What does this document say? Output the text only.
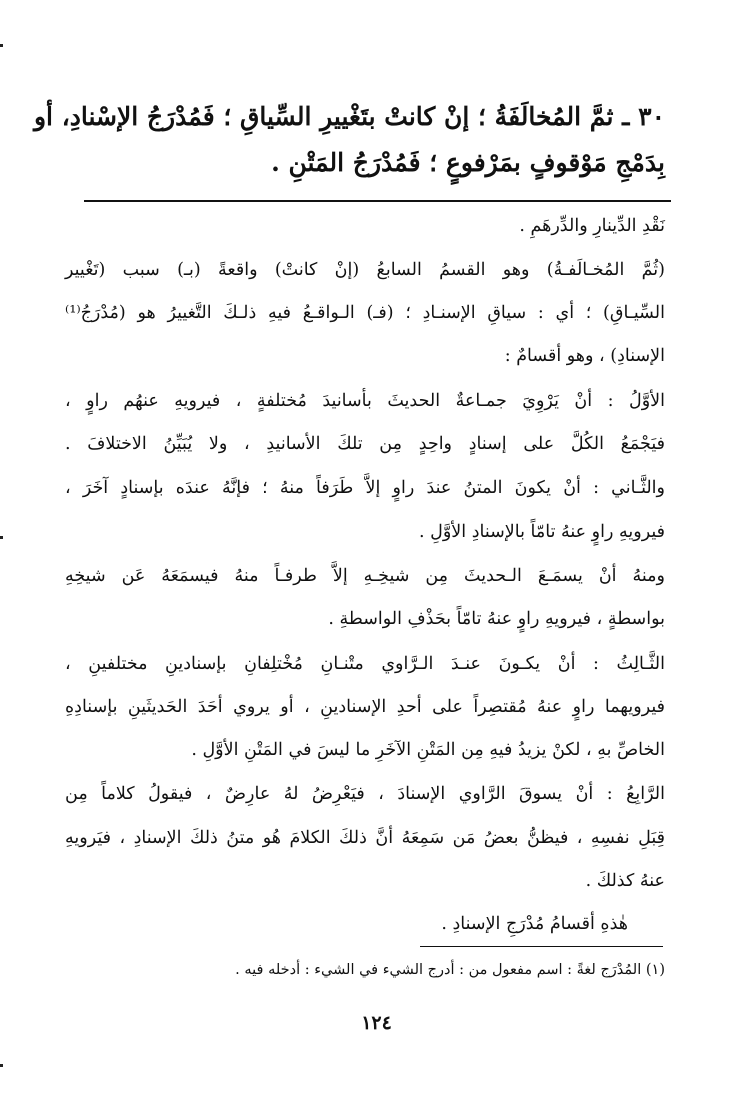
٣٠ ـ ثمَّ المُخالَفَةُ ؛ إنْ كانتْ بتَغْييرِ السِّياقِ ؛ فَمُدْرَجُ الإسْنادِ، أو
بِدَمْجِ مَوْقوفٍ بمَرْفوعٍ ؛ فَمُدْرَجُ المَتْنِ .
نَقْدِ الدِّينارِ والدِّرهَمِ .
(ثُمَّ المُخـالَفـةُ) وهو القسمُ السابعُ (إنْ كانتْ) واقعةً (بـ) سبب (تَغْيير
السِّيـاقِ) ؛ أي : سياقِ الإسنـادِ ؛ (فـ) الـواقـعُ فيهِ ذلـكَ التَّغييرُ هو (مُدْرَجُ⁽¹⁾
الإسنادِ) ، وهو أقسامٌ :
الأوَّلُ : أنْ يَرْوِيَ جمـاعةٌ الحديثَ بأسانيدَ مُختلفةٍ ، فيرويهِ عنهُم راوٍ ،
فيَجْمَعُ الكُلَّ على إسنادٍ واحِدٍ مِن تلكَ الأسانيدِ ، ولا يُبَيِّنُ الاختلافَ .
والثَّـاني : أنْ يكونَ المتنُ عندَ راوٍ إلاَّ طَرَفاً منهُ ؛ فإنَّهُ عندَه بإسنادٍ آخَرَ ،
فيرويهِ راوٍ عنهُ تامّاً بالإسنادِ الأوَّلِ .
ومنهُ أنْ يسمَـعَ الـحديثَ مِن شيخِـهِ إلاَّ طرفـاً منهُ فيسمَعَهُ عَن شيخِهِ
بواسطةٍ ، فيرويهِ راوٍ عنهُ تامّاً بحَذْفِ الواسطةِ .
الثَّـالِثُ : أنْ يكـونَ عنـدَ الـرَّاوي متْنـانِ مُخْتلِفانِ بإسنادينِ مختلفينِ ،
فيرويهما راوٍ عنهُ مُقتصِراً على أحدِ الإسنادينِ ، أو يروي أحَدَ الحَديثَينِ بإسنادِهِ
الخاصِّ بهِ ، لكنْ يزيدُ فيهِ مِن المَتْنِ الآخَرِ ما ليسَ في المَتْنِ الأوَّلِ .
الرَّابِعُ : أنْ يسوقَ الرَّاوي الإسنادَ ، فيَعْرِضُ لهُ عارِضٌ ، فيقولُ كلاماً مِن
قِبَلِ نفسِهِ ، فيظنُّ بعضُ مَن سَمِعَهُ أنَّ ذلكَ الكلامَ هُو متنُ ذلكَ الإسنادِ ، فيَرويهِ
عنهُ كذلكَ .
هٰذهِ أقسامُ مُدْرَجِ الإسنادِ .
(١) المُدْرَج لغةً : اسم مفعول من : أدرج الشيء في الشيء : أدخله فيه .
١٢٤
